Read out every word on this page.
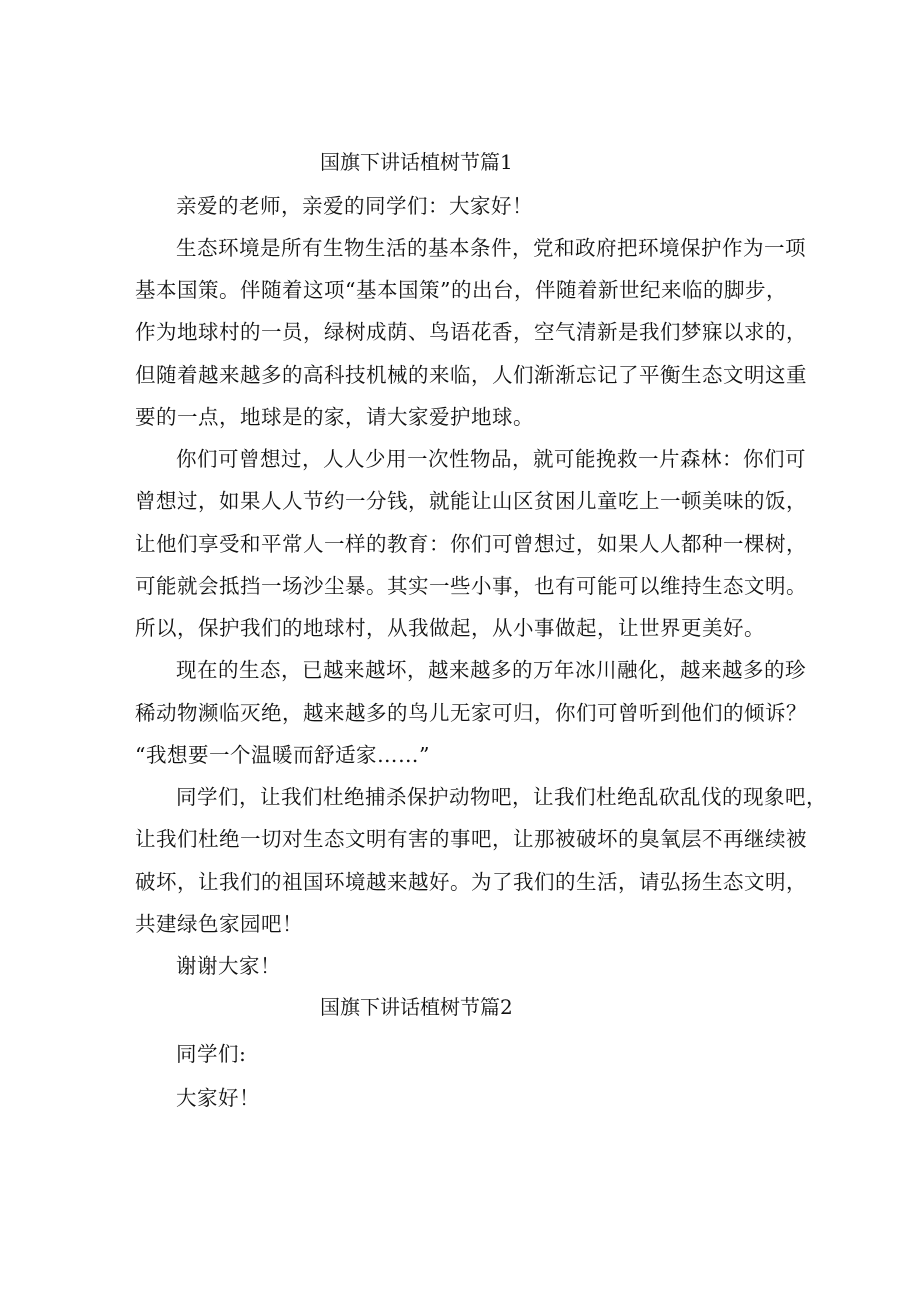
国旗下讲话植树节篇1
亲爱的老师，亲爱的同学们：大家好！
生态环境是所有生物生活的基本条件，党和政府把环境保护作为一项
基本国策。伴随着这项“基本国策”的出台，伴随着新世纪来临的脚步，
作为地球村的一员，绿树成荫、鸟语花香，空气清新是我们梦寐以求的，
但随着越来越多的高科技机械的来临，人们渐渐忘记了平衡生态文明这重
要的一点，地球是的家，请大家爱护地球。
你们可曾想过，人人少用一次性物品，就可能挽救一片森林：你们可
曾想过，如果人人节约一分钱，就能让山区贫困儿童吃上一顿美味的饭，
让他们享受和平常人一样的教育：你们可曾想过，如果人人都种一棵树，
可能就会抵挡一场沙尘暴。其实一些小事，也有可能可以维持生态文明。
所以，保护我们的地球村，从我做起，从小事做起，让世界更美好。
现在的生态，已越来越坏，越来越多的万年冰川融化，越来越多的珍
稀动物濒临灭绝，越来越多的鸟儿无家可归，你们可曾听到他们的倾诉？
“我想要一个温暖而舒适家……”
同学们，让我们杜绝捕杀保护动物吧，让我们杜绝乱砍乱伐的现象吧，
让我们杜绝一切对生态文明有害的事吧，让那被破坏的臭氧层不再继续被
破坏，让我们的祖国环境越来越好。为了我们的生活，请弘扬生态文明，
共建绿色家园吧！
谢谢大家！
国旗下讲话植树节篇2
同学们:
大家好！
